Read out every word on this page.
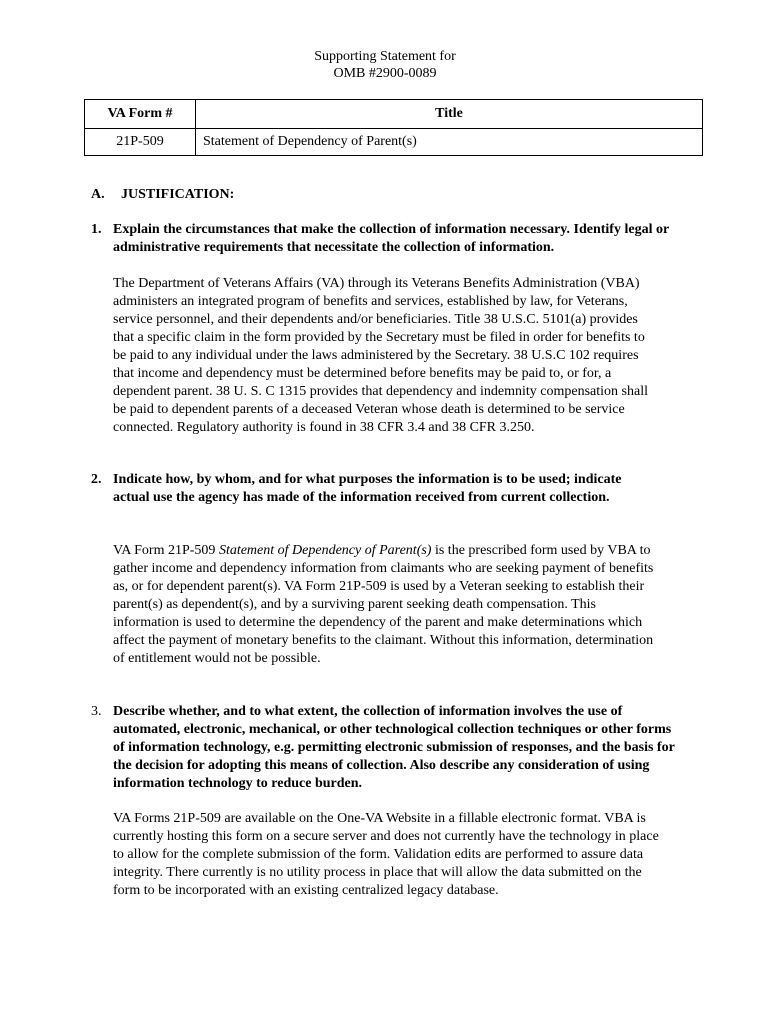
Supporting Statement for
OMB #2900-0089
VA Form #	Title
21P-509	Statement of Dependency of Parent(s)
A. JUSTIFICATION:
1. Explain the circumstances that make the collection of information necessary. Identify legal or administrative requirements that necessitate the collection of information.
The Department of Veterans Affairs (VA) through its Veterans Benefits Administration (VBA) administers an integrated program of benefits and services, established by law, for Veterans, service personnel, and their dependents and/or beneficiaries. Title 38 U.S.C. 5101(a) provides that a specific claim in the form provided by the Secretary must be filed in order for benefits to be paid to any individual under the laws administered by the Secretary. 38 U.S.C 102 requires that income and dependency must be determined before benefits may be paid to, or for, a dependent parent. 38 U. S. C 1315 provides that dependency and indemnity compensation shall be paid to dependent parents of a deceased Veteran whose death is determined to be service connected. Regulatory authority is found in 38 CFR 3.4 and 38 CFR 3.250.
2. Indicate how, by whom, and for what purposes the information is to be used; indicate actual use the agency has made of the information received from current collection.
VA Form 21P-509 Statement of Dependency of Parent(s) is the prescribed form used by VBA to gather income and dependency information from claimants who are seeking payment of benefits as, or for dependent parent(s). VA Form 21P-509 is used by a Veteran seeking to establish their parent(s) as dependent(s), and by a surviving parent seeking death compensation. This information is used to determine the dependency of the parent and make determinations which affect the payment of monetary benefits to the claimant. Without this information, determination of entitlement would not be possible.
3. Describe whether, and to what extent, the collection of information involves the use of automated, electronic, mechanical, or other technological collection techniques or other forms of information technology, e.g. permitting electronic submission of responses, and the basis for the decision for adopting this means of collection. Also describe any consideration of using information technology to reduce burden.
VA Forms 21P-509 are available on the One-VA Website in a fillable electronic format. VBA is currently hosting this form on a secure server and does not currently have the technology in place to allow for the complete submission of the form. Validation edits are performed to assure data integrity. There currently is no utility process in place that will allow the data submitted on the form to be incorporated with an existing centralized legacy database.
